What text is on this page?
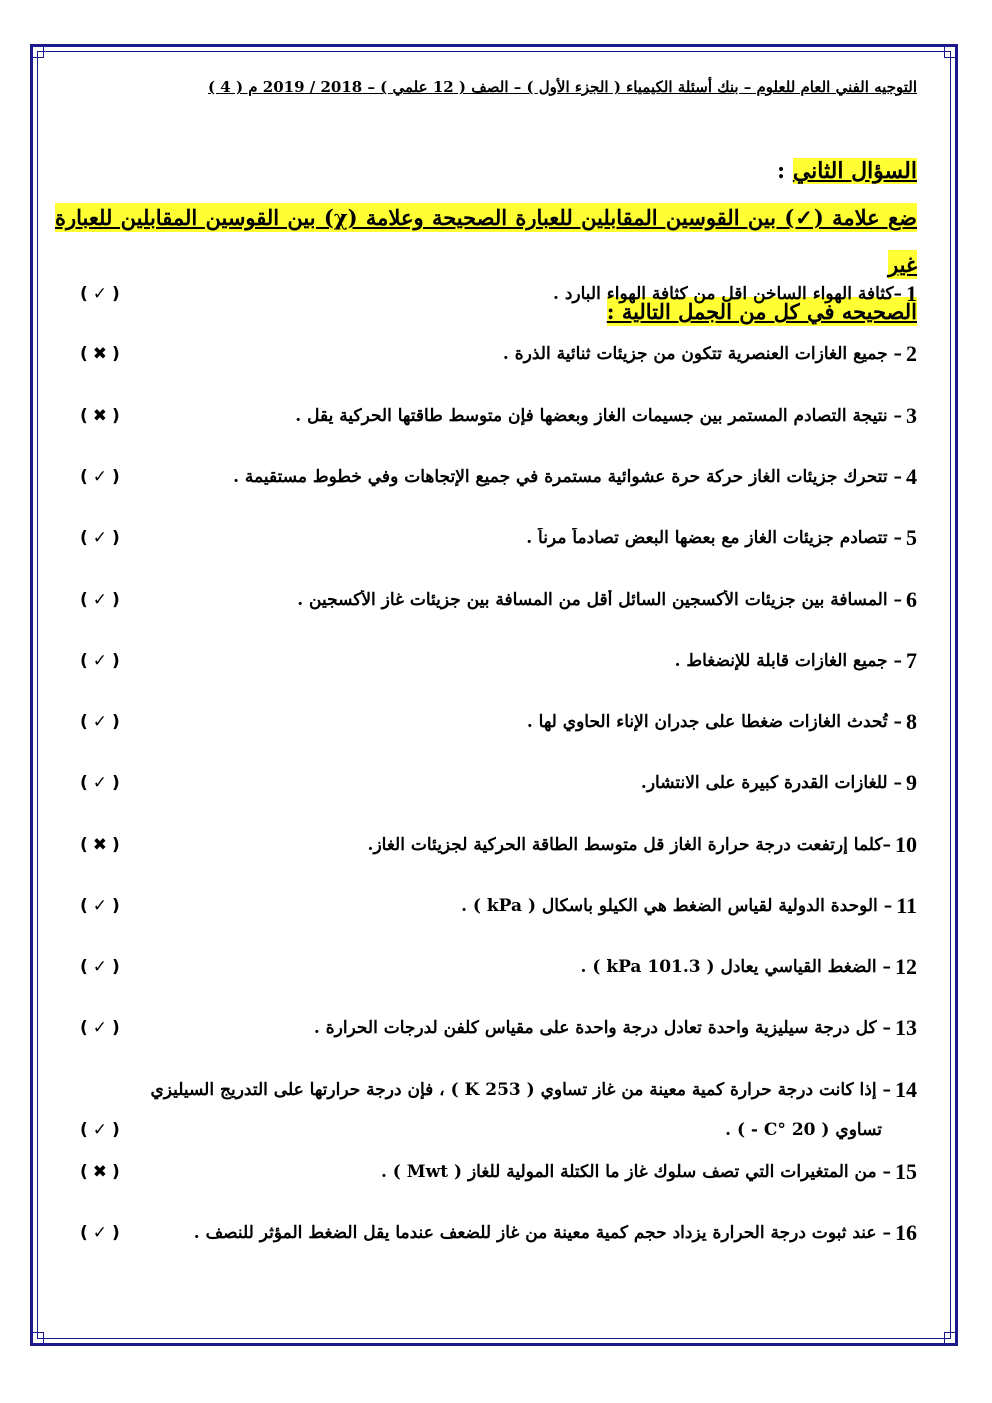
التوجيه الفني العام للعلوم – بنك أسئلة الكيمياء ( الجزء الأول ) – الصف ( 12 علمي ) – 2018 / 2019 م ( 4 )
السؤال الثاني :
ضع علامة (✓) بين القوسين المقابلين للعبارة الصحيحة وعلامة (χ) بين القوسين المقابلين للعبارة غير
الصحيحه في كل من الجمل التالية :
1
–كثافة الهواء الساخن اقل من كثافة الهواء البارد .
( ✓ )
2
– جميع الغازات العنصرية تتكون من جزيئات ثنائية الذرة .
( ✖ )
3
– نتيجة التصادم المستمر بين جسيمات الغاز وبعضها فإن متوسط طاقتها الحركية يقل .
( ✖ )
4
– تتحرك جزيئات الغاز حركة حرة عشوائية مستمرة في جميع الإتجاهات وفي خطوط مستقيمة .
( ✓ )
5
– تتصادم جزيئات الغاز مع بعضها البعض تصادماً مرناً .
( ✓ )
6
– المسافة بين جزيئات الأكسجين السائل أقل من المسافة بين جزيئات غاز الأكسجين .
( ✓ )
7
– جميع الغازات قابلة للإنضغاط .
( ✓ )
8
– تُحدث الغازات ضغطا على جدران الإناء الحاوي لها .
( ✓ )
9
– للغازات القدرة كبيرة على الانتشار.
( ✓ )
10
–كلما إرتفعت درجة حرارة الغاز قل متوسط الطاقة الحركية لجزيئات الغاز.
( ✖ )
11
– الوحدة الدولية لقياس الضغط هي الكيلو باسكال ( kPa ) .
( ✓ )
12
– الضغط القياسي يعادل ( 101.3 kPa ) .
( ✓ )
13
– كل درجة سيليزية واحدة تعادل درجة واحدة على مقياس كلفن لدرجات الحرارة .
( ✓ )
14
– إذا كانت درجة حرارة كمية معينة من غاز تساوي ( 253 K ) ، فإن درجة حرارتها على التدريج السيليزي
تساوي ( 20 °C - ) .
( ✓ )
15
– من المتغيرات التي تصف سلوك غاز ما الكتلة المولية للغاز ( Mwt ) .
( ✖ )
16
– عند ثبوت درجة الحرارة يزداد حجم كمية معينة من غاز للضعف عندما يقل الضغط المؤثر للنصف .
( ✓ )
